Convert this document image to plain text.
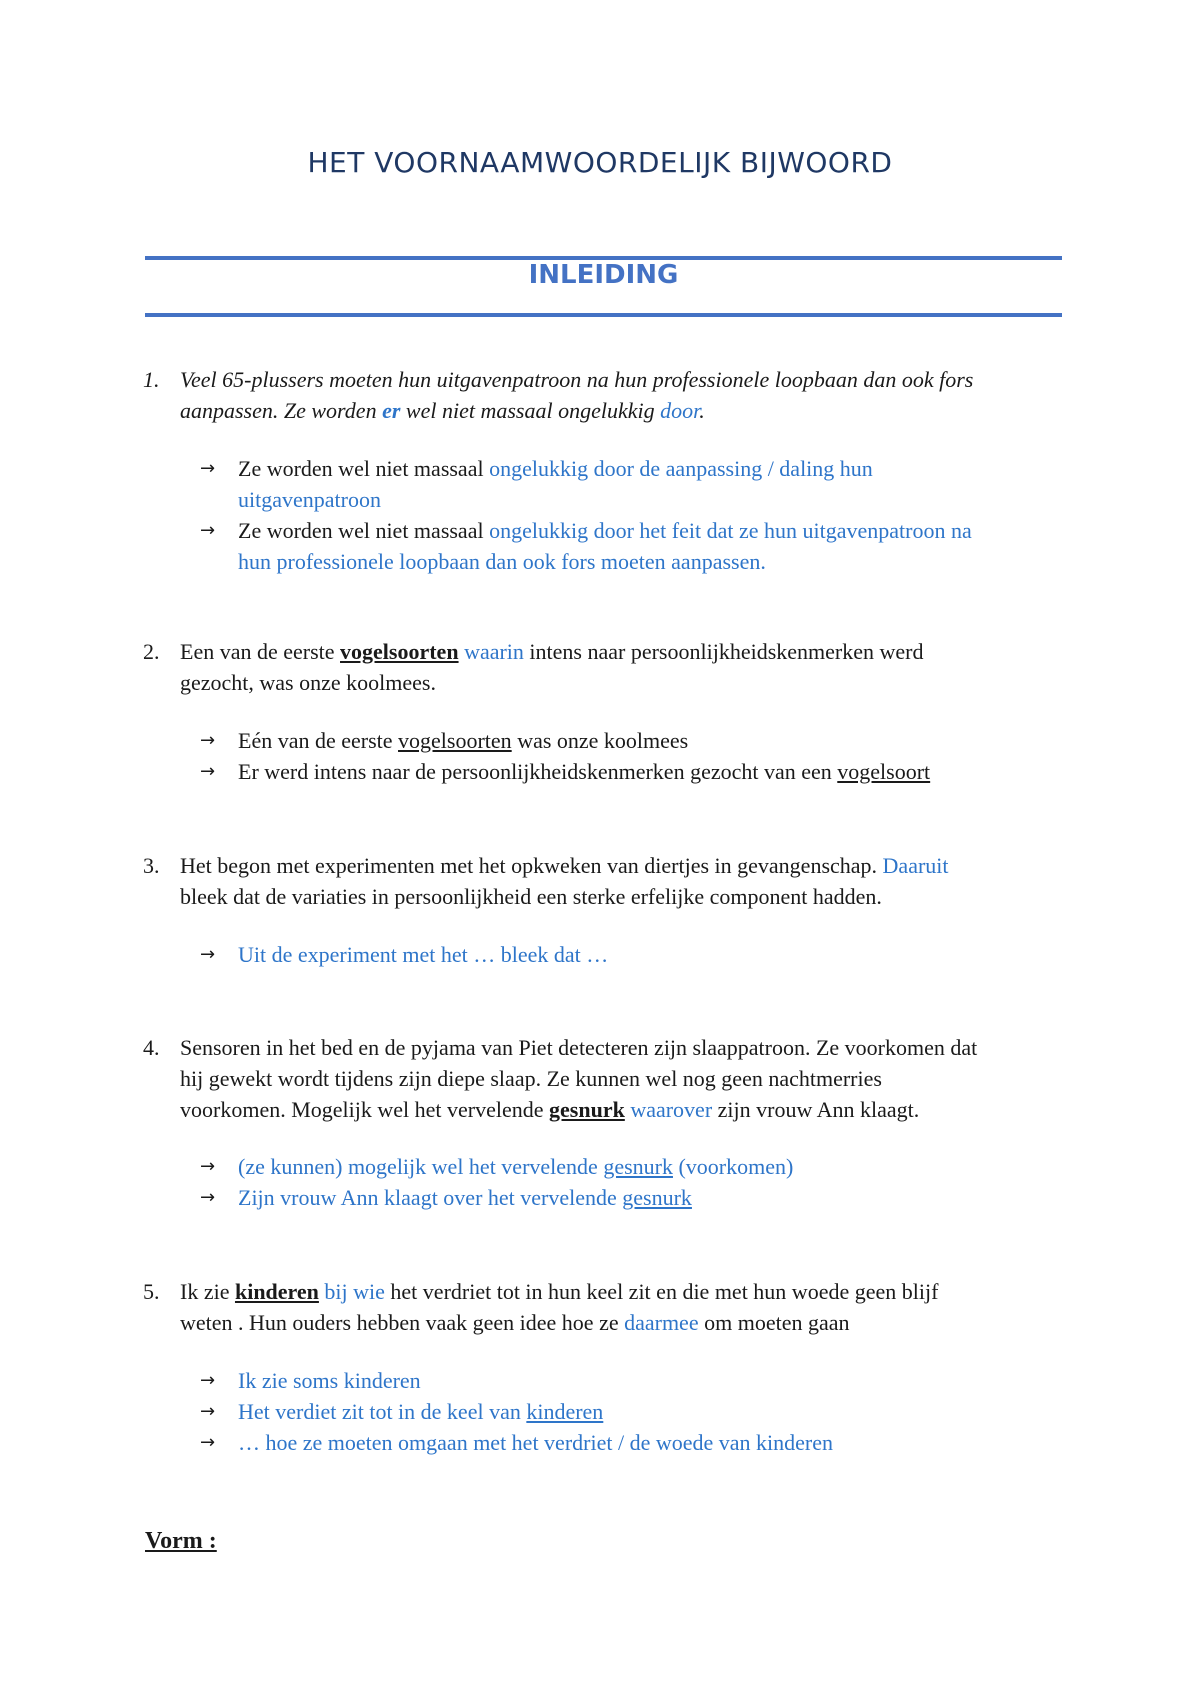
HET VOORNAAMWOORDELIJK BIJWOORD
INLEIDING
1. Veel 65-plussers moeten hun uitgavenpatroon na hun professionele loopbaan dan ook fors
aanpassen. Ze worden er wel niet massaal ongelukkig door.
→ Ze worden wel niet massaal ongelukkig door de aanpassing / daling hun
uitgavenpatroon
→ Ze worden wel niet massaal ongelukkig door het feit dat ze hun uitgavenpatroon na
hun professionele loopbaan dan ook fors moeten aanpassen.
2. Een van de eerste vogelsoorten waarin intens naar persoonlijkheidskenmerken werd
gezocht, was onze koolmees.
→ Eén van de eerste vogelsoorten was onze koolmees
→ Er werd intens naar de persoonlijkheidskenmerken gezocht van een vogelsoort
3. Het begon met experimenten met het opkweken van diertjes in gevangenschap. Daaruit
bleek dat de variaties in persoonlijkheid een sterke erfelijke component hadden.
→ Uit de experiment met het … bleek dat …
4. Sensoren in het bed en de pyjama van Piet detecteren zijn slaappatroon. Ze voorkomen dat
hij gewekt wordt tijdens zijn diepe slaap. Ze kunnen wel nog geen nachtmerries
voorkomen. Mogelijk wel het vervelende gesnurk waarover zijn vrouw Ann klaagt.
→ (ze kunnen) mogelijk wel het vervelende gesnurk (voorkomen)
→ Zijn vrouw Ann klaagt over het vervelende gesnurk
5. Ik zie kinderen bij wie het verdriet tot in hun keel zit en die met hun woede geen blijf
weten . Hun ouders hebben vaak geen idee hoe ze daarmee om moeten gaan
→ Ik zie soms kinderen
→ Het verdiet zit tot in de keel van kinderen
→ … hoe ze moeten omgaan met het verdriet / de woede van kinderen
Vorm :
